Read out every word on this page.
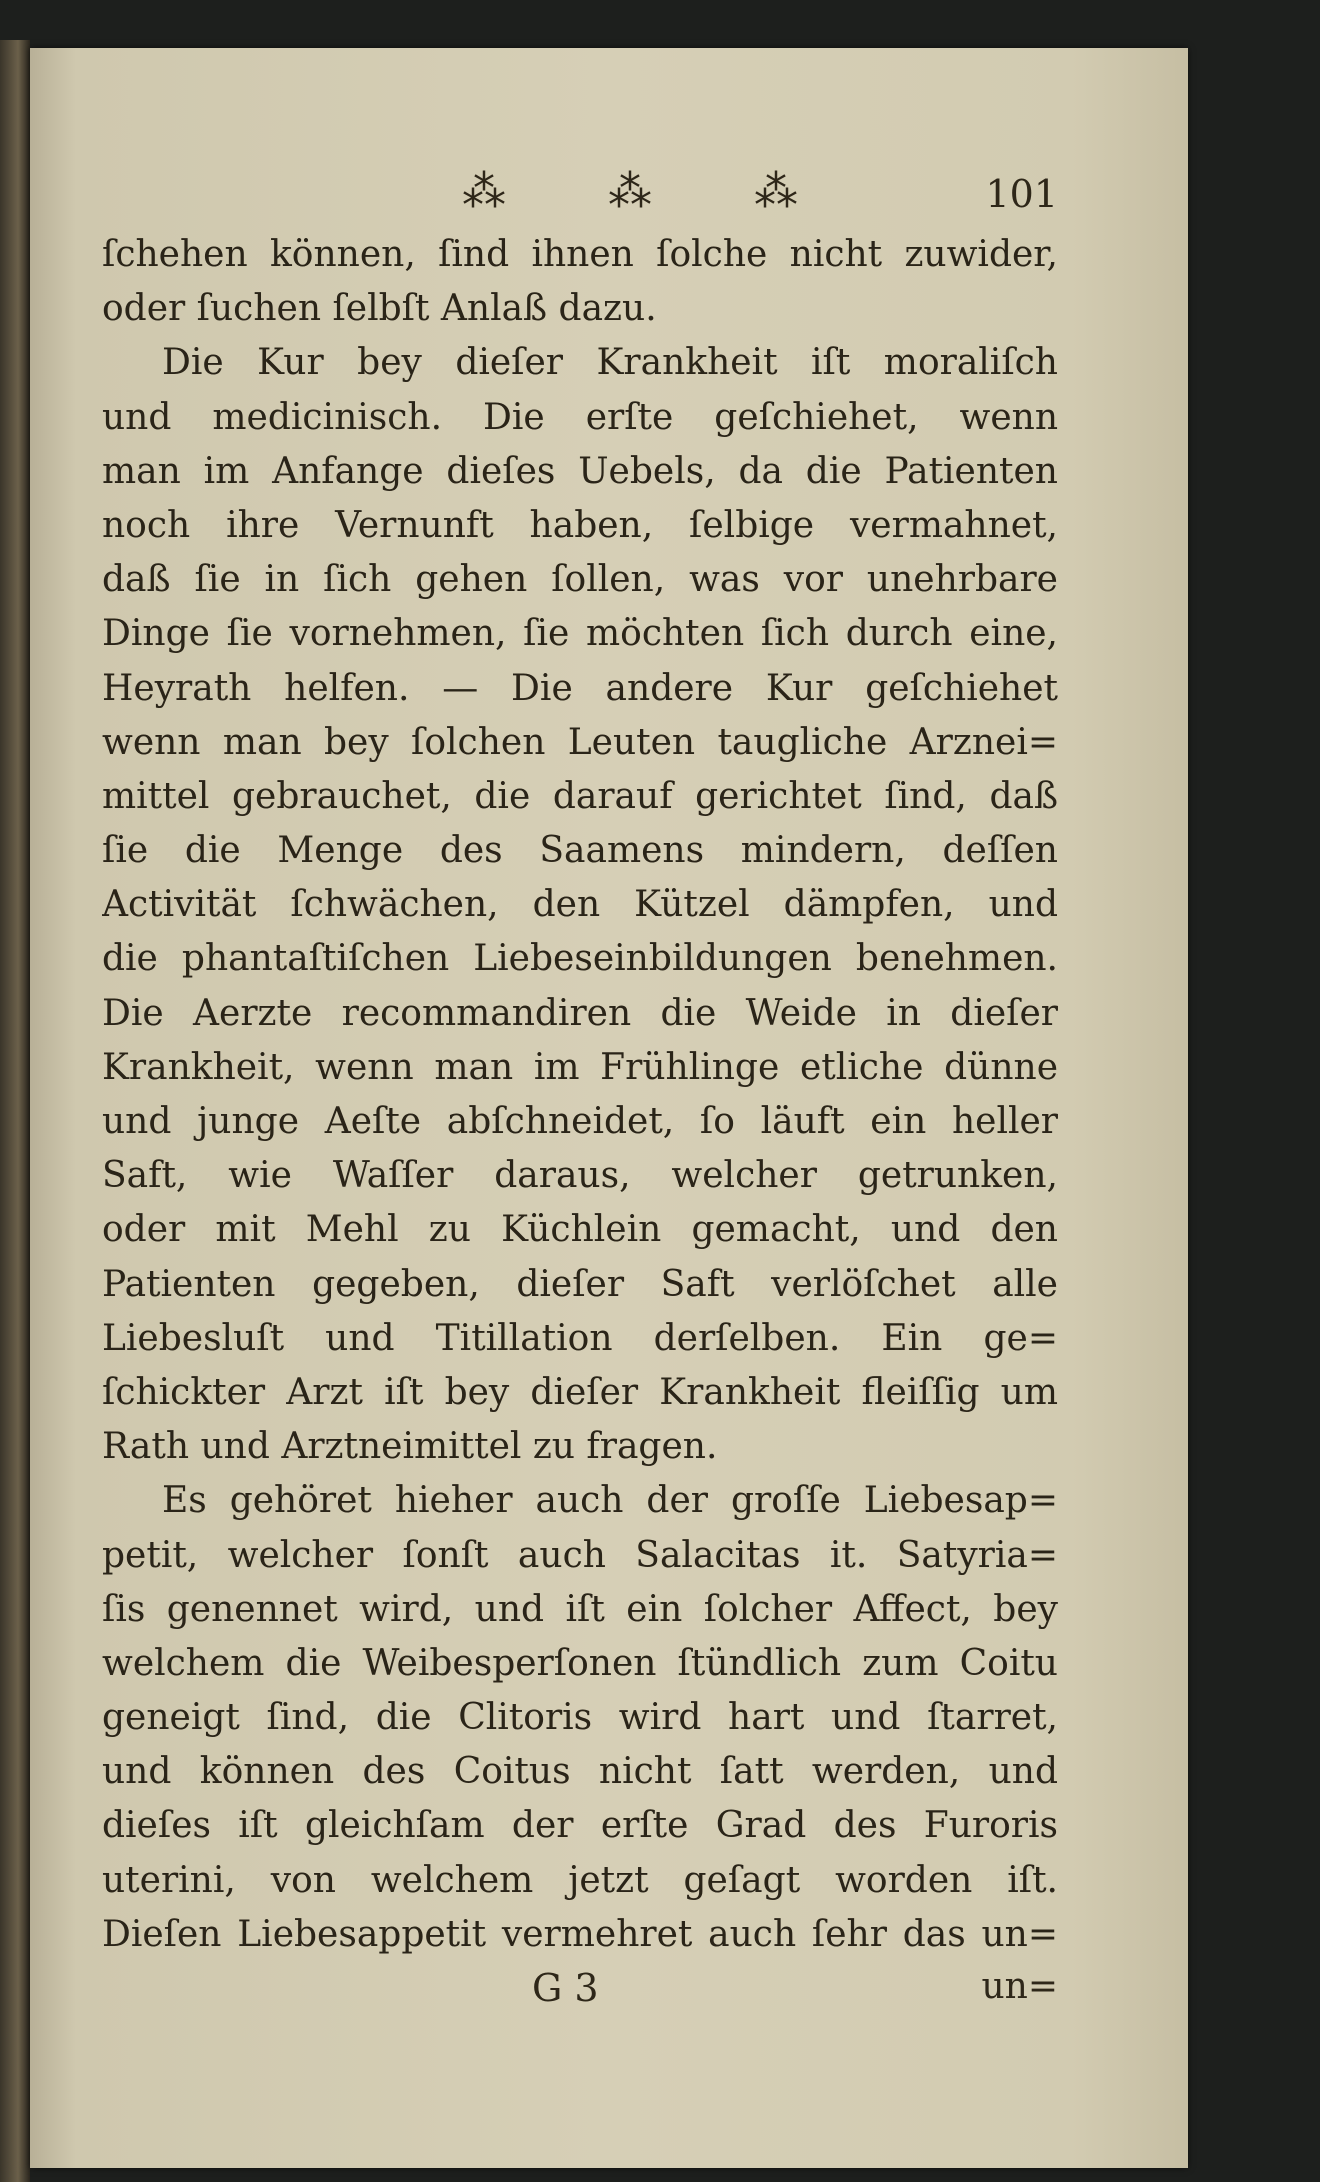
⁂ ⁂ ⁂	101
ſchehen können, ſind ihnen ſolche nicht zuwider,
oder ſuchen ſelbſt Anlaß dazu.
Die Kur bey dieſer Krankheit iſt moraliſch
und medicinisch. Die erſte geſchiehet, wenn
man im Anfange dieſes Uebels, da die Patienten
noch ihre Vernunft haben, ſelbige vermahnet,
daß ſie in ſich gehen ſollen, was vor unehrbare
Dinge ſie vornehmen, ſie möchten ſich durch eine,
Heyrath helfen. — Die andere Kur geſchiehet
wenn man bey ſolchen Leuten taugliche Arznei=
mittel gebrauchet, die darauf gerichtet ſind, daß
ſie die Menge des Saamens mindern, deſſen
Activität ſchwächen, den Kützel dämpfen, und
die phantaſtiſchen Liebeseinbildungen benehmen.
Die Aerzte recommandiren die Weide in dieſer
Krankheit, wenn man im Frühlinge etliche dünne
und junge Aeſte abſchneidet, ſo läuft ein heller
Saft, wie Waſſer daraus, welcher getrunken,
oder mit Mehl zu Küchlein gemacht, und den
Patienten gegeben, dieſer Saft verlöſchet alle
Liebesluſt und Titillation derſelben. Ein ge=
ſchickter Arzt iſt bey dieſer Krankheit fleiſſig um
Rath und Arztneimittel zu fragen.
Es gehöret hieher auch der groſſe Liebesap=
petit, welcher ſonſt auch Salacitas it. Satyria=
ſis genennet wird, und iſt ein ſolcher Affect, bey
welchem die Weibesperſonen ſtündlich zum Coitu
geneigt ſind, die Clitoris wird hart und ſtarret,
und können des Coitus nicht ſatt werden, und
dieſes iſt gleichſam der erſte Grad des Furoris
uterini, von welchem jetzt geſagt worden iſt.
Dieſen Liebesappetit vermehret auch ſehr das un=
G 3	un=
